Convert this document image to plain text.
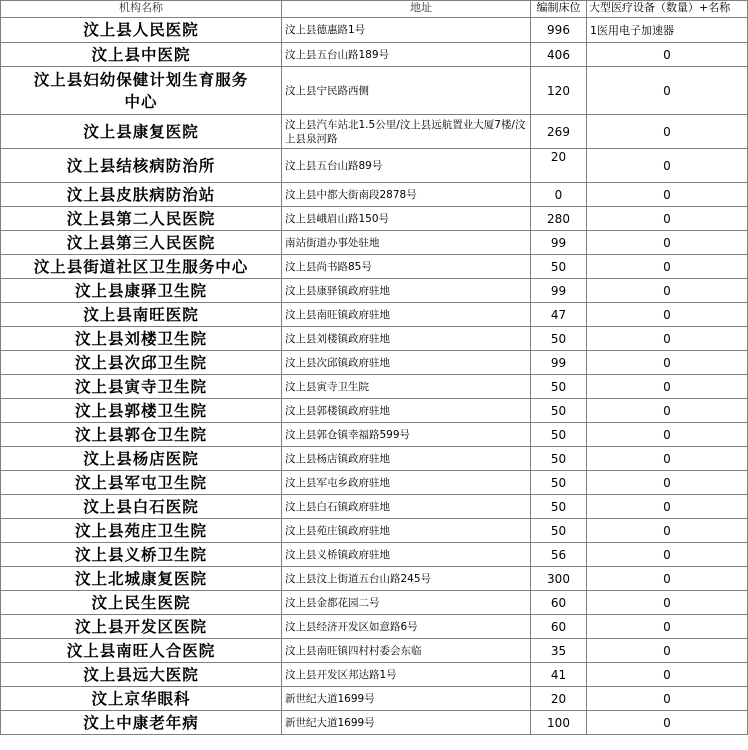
机构名称	地址	编制床位	大型医疗设备（数量）+名称
汶上县人民医院	汶上县德惠路1号	996	1医用电子加速器
汶上县中医院	汶上县五台山路189号	406	0
汶上县妇幼保健计划生育服务中心	汶上县宁民路西侧	120	0
汶上县康复医院	汶上县汽车站北1.5公里/汶上县远航置业大厦7楼/汶上县泉河路	269	0
汶上县结核病防治所	汶上县五台山路89号	20	0
汶上县皮肤病防治站	汶上县中都大街南段2878号	0	0
汶上县第二人民医院	汶上县峨眉山路150号	280	0
汶上县第三人民医院	南站街道办事处驻地	99	0
汶上县街道社区卫生服务中心	汶上县尚书路85号	50	0
汶上县康驿卫生院	汶上县康驿镇政府驻地	99	0
汶上县南旺医院	汶上县南旺镇政府驻地	47	0
汶上县刘楼卫生院	汶上县刘楼镇政府驻地	50	0
汶上县次邱卫生院	汶上县次邱镇政府驻地	99	0
汶上县寅寺卫生院	汶上县寅寺卫生院	50	0
汶上县郭楼卫生院	汶上县郭楼镇政府驻地	50	0
汶上县郭仓卫生院	汶上县郭仓镇幸福路599号	50	0
汶上县杨店医院	汶上县杨店镇政府驻地	50	0
汶上县军屯卫生院	汶上县军屯乡政府驻地	50	0
汶上县白石医院	汶上县白石镇政府驻地	50	0
汶上县苑庄卫生院	汶上县苑庄镇政府驻地	50	0
汶上县义桥卫生院	汶上县义桥镇政府驻地	56	0
汶上北城康复医院	汶上县汶上街道五台山路245号	300	0
汶上民生医院	汶上县金都花园二号	60	0
汶上县开发区医院	汶上县经济开发区如意路6号	60	0
汶上县南旺人合医院	汶上县南旺镇四村村委会东临	35	0
汶上县远大医院	汶上县开发区邦达路1号	41	0
汶上京华眼科	新世纪大道1699号	20	0
汶上中康老年病	新世纪大道1699号	100	0
